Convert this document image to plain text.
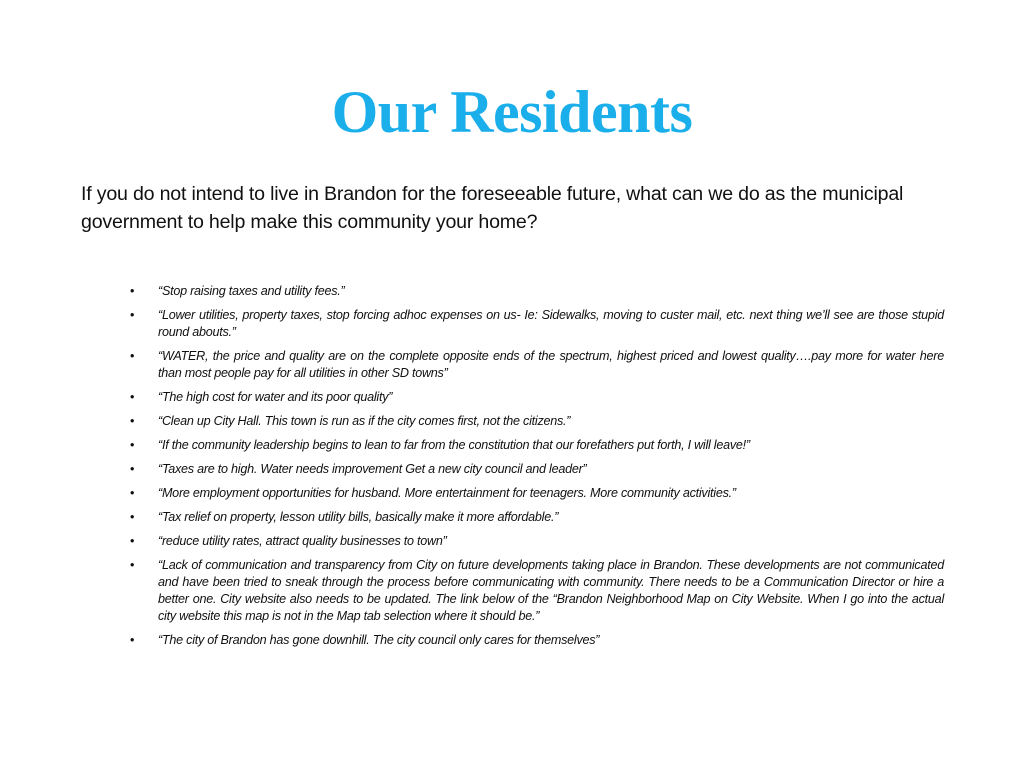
Our Residents

If you do not intend to live in Brandon for the foreseeable future, what can we do as the municipal government to help make this community your home?

• “Stop raising taxes and utility fees.”
• “Lower utilities, property taxes, stop forcing adhoc expenses on us- Ie: Sidewalks, moving to custer mail, etc. next thing we’ll see are those stupid round abouts.”
• “WATER, the price and quality are on the complete opposite ends of the spectrum, highest priced and lowest quality….pay more for water here than most people pay for all utilities in other SD towns”
• “The high cost for water and its poor quality”
• “Clean up City Hall. This town is run as if the city comes first, not the citizens.”
• “If the community leadership begins to lean to far from the constitution that our forefathers put forth, I will leave!”
• “Taxes are to high. Water needs improvement Get a new city council and leader”
• “More employment opportunities for husband. More entertainment for teenagers. More community activities.”
• “Tax relief on property, lesson utility bills, basically make it more affordable.”
• “reduce utility rates, attract quality businesses to town”
• “Lack of communication and transparency from City on future developments taking place in Brandon. These developments are not communicated and have been tried to sneak through the process before communicating with community. There needs to be a Communication Director or hire a better one. City website also needs to be updated. The link below of the “Brandon Neighborhood Map on City Website. When I go into the actual city website this map is not in the Map tab selection where it should be.”
• “The city of Brandon has gone downhill. The city council only cares for themselves”
